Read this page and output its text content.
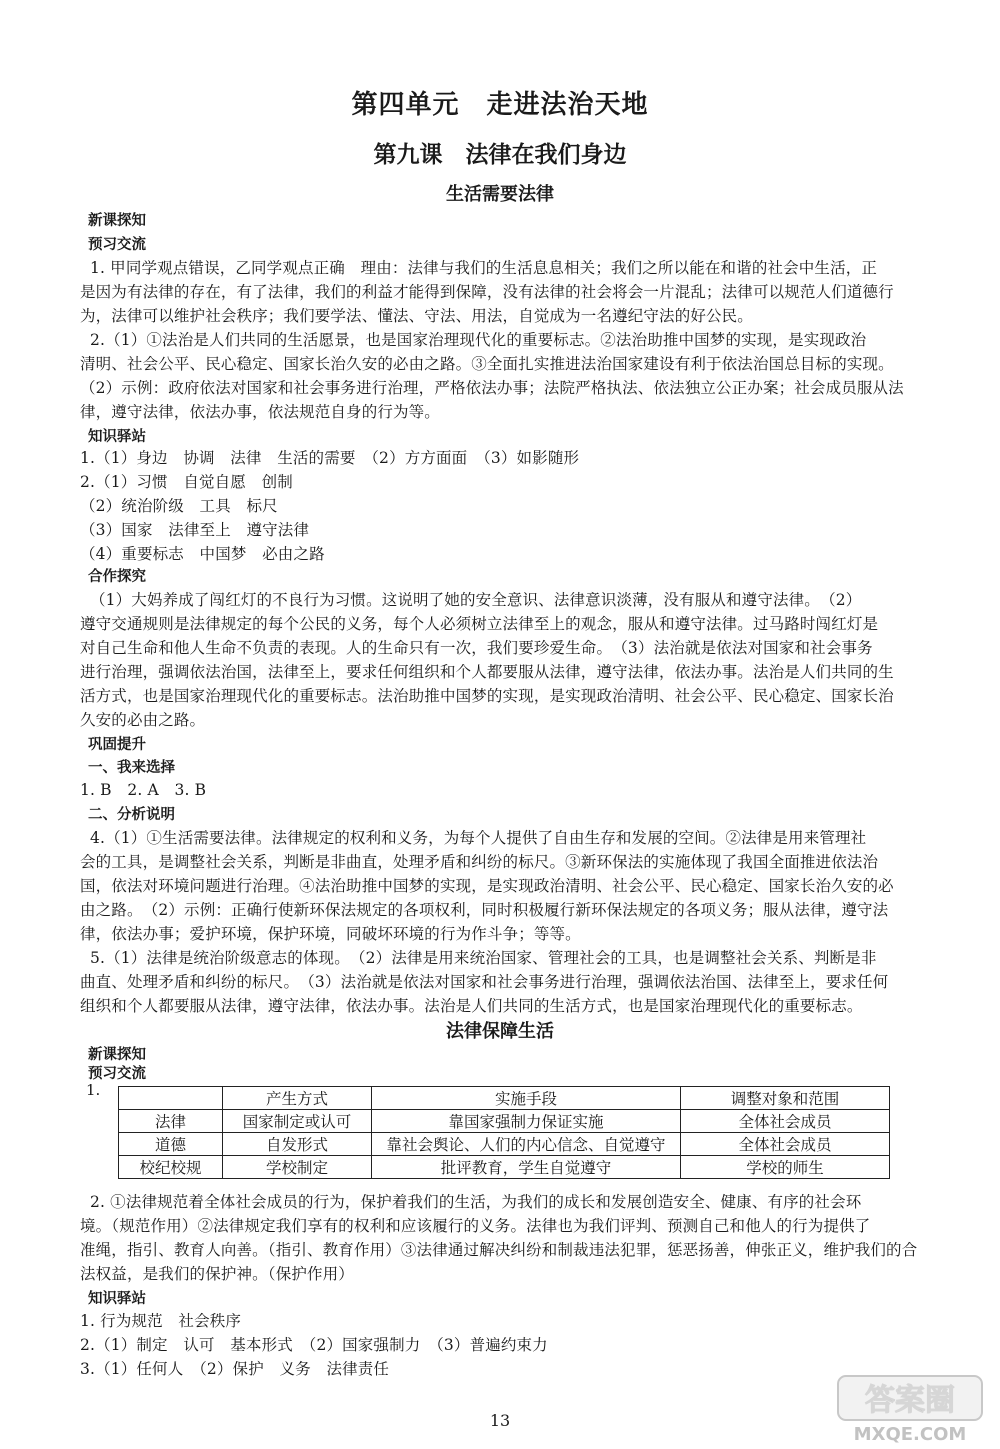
第四单元　走进法治天地
第九课　法律在我们身边
生活需要法律
新课探知
预习交流
1. 甲同学观点错误，乙同学观点正确　理由：法律与我们的生活息息相关；我们之所以能在和谐的社会中生活，正
是因为有法律的存在，有了法律，我们的利益才能得到保障，没有法律的社会将会一片混乱；法律可以规范人们道德行
为，法律可以维护社会秩序；我们要学法、懂法、守法、用法，自觉成为一名遵纪守法的好公民。
2.（1）①法治是人们共同的生活愿景，也是国家治理现代化的重要标志。②法治助推中国梦的实现，是实现政治
清明、社会公平、民心稳定、国家长治久安的必由之路。③全面扎实推进法治国家建设有利于依法治国总目标的实现。
（2）示例：政府依法对国家和社会事务进行治理，严格依法办事；法院严格执法、依法独立公正办案；社会成员服从法
律，遵守法律，依法办事，依法规范自身的行为等。
知识驿站
1.（1）身边　协调　法律　生活的需要　（2）方方面面　（3）如影随形
2.（1）习惯　自觉自愿　创制
（2）统治阶级　工具　标尺
（3）国家　法律至上　遵守法律
（4）重要标志　中国梦　必由之路
合作探究
（1）大妈养成了闯红灯的不良行为习惯。这说明了她的安全意识、法律意识淡薄，没有服从和遵守法律。　（2）
遵守交通规则是法律规定的每个公民的义务，每个人必须树立法律至上的观念，服从和遵守法律。过马路时闯红灯是
对自己生命和他人生命不负责的表现。人的生命只有一次，我们要珍爱生命。　（3）法治就是依法对国家和社会事务
进行治理，强调依法治国，法律至上，要求任何组织和个人都要服从法律，遵守法律，依法办事。法治是人们共同的生
活方式，也是国家治理现代化的重要标志。法治助推中国梦的实现，是实现政治清明、社会公平、民心稳定、国家长治
久安的必由之路。
巩固提升
一、我来选择
1. B　2. A　3. B
二、分析说明
4.（1）①生活需要法律。法律规定的权利和义务，为每个人提供了自由生存和发展的空间。②法律是用来管理社
会的工具，是调整社会关系，判断是非曲直，处理矛盾和纠纷的标尺。③新环保法的实施体现了我国全面推进依法治
国，依法对环境问题进行治理。④法治助推中国梦的实现，是实现政治清明、社会公平、民心稳定、国家长治久安的必
由之路。　（2）示例：正确行使新环保法规定的各项权利，同时积极履行新环保法规定的各项义务；服从法律，遵守法
律，依法办事；爱护环境，保护环境，同破坏环境的行为作斗争；等等。
5.（1）法律是统治阶级意志的体现。　（2）法律是用来统治国家、管理社会的工具，也是调整社会关系、判断是非
曲直、处理矛盾和纠纷的标尺。　（3）法治就是依法对国家和社会事务进行治理，强调依法治国、法律至上，要求任何
组织和个人都要服从法律，遵守法律，依法办事。法治是人们共同的生活方式，也是国家治理现代化的重要标志。
法律保障生活
新课探知
预习交流
1.
		产生方式	实施手段	调整对象和范围
法律	国家制定或认可	靠国家强制力保证实施	全体社会成员
道德	自发形式	靠社会舆论、人们的内心信念、自觉遵守	全体社会成员
校纪校规	学校制定	批评教育，学生自觉遵守	学校的师生
2. ①法律规范着全体社会成员的行为，保护着我们的生活，为我们的成长和发展创造安全、健康、有序的社会环
境。（规范作用）②法律规定我们享有的权利和应该履行的义务。法律也为我们评判、预测自己和他人的行为提供了
准绳，指引、教育人向善。（指引、教育作用）③法律通过解决纠纷和制裁违法犯罪，惩恶扬善，伸张正义，维护我们的合
法权益，是我们的保护神。（保护作用）
知识驿站
1. 行为规范　社会秩序
2.（1）制定　认可　基本形式　（2）国家强制力　（3）普遍约束力
3.（1）任何人　（2）保护　义务　法律责任
13
答案圈
MXQE.COM
